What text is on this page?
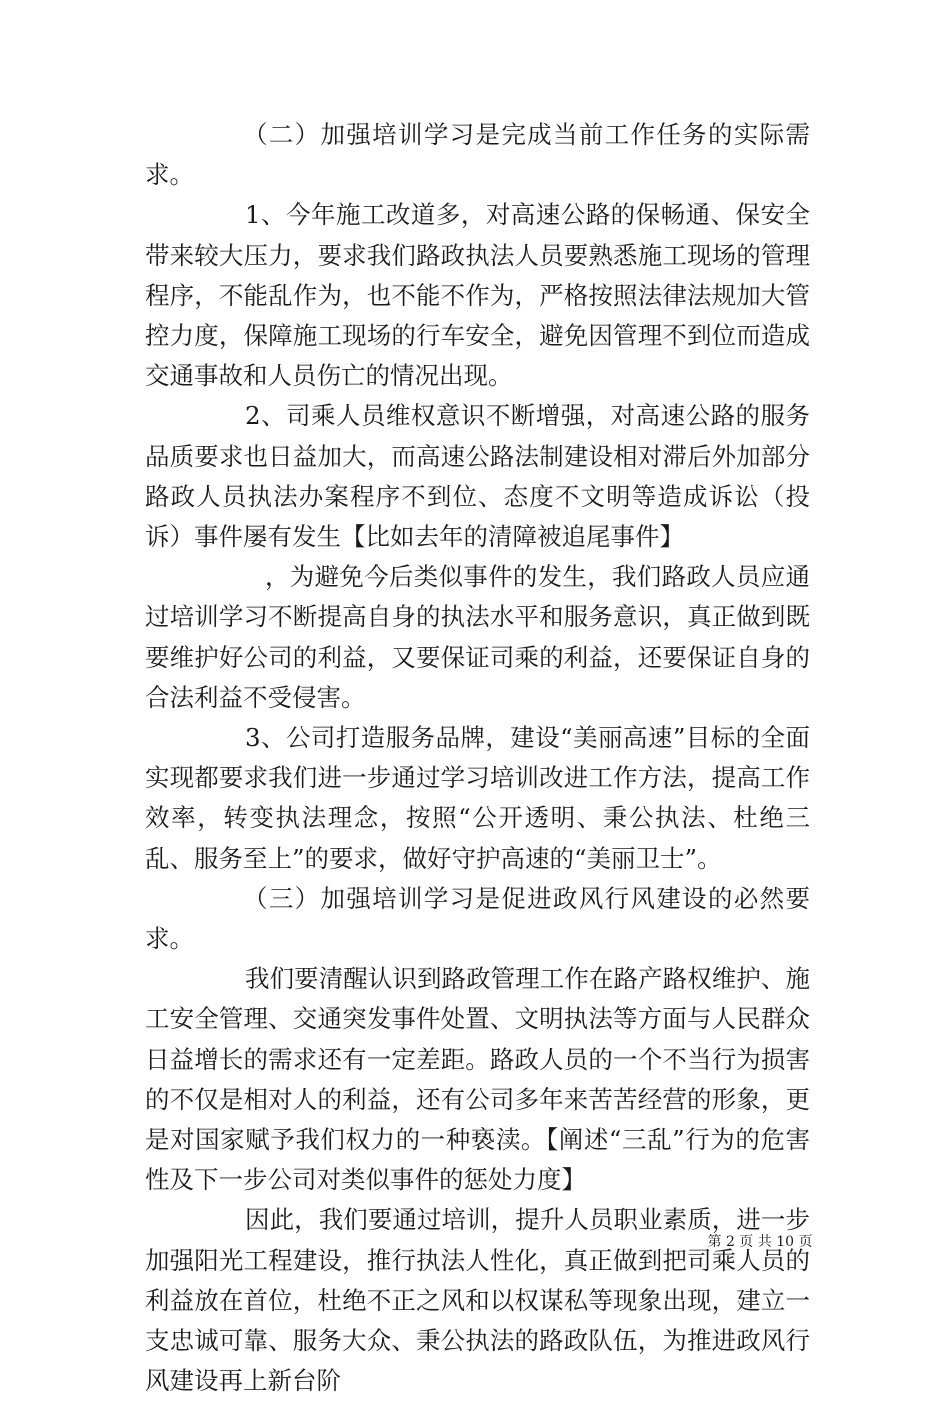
（二）加强培训学习是完成当前工作任务的实际需求。

1、今年施工改道多，对高速公路的保畅通、保安全带来较大压力，要求我们路政执法人员要熟悉施工现场的管理程序，不能乱作为，也不能不作为，严格按照法律法规加大管控力度，保障施工现场的行车安全，避免因管理不到位而造成交通事故和人员伤亡的情况出现。

2、司乘人员维权意识不断增强，对高速公路的服务品质要求也日益加大，而高速公路法制建设相对滞后外加部分路政人员执法办案程序不到位、态度不文明等造成诉讼（投诉）事件屡有发生【比如去年的清障被追尾事件】

，为避免今后类似事件的发生，我们路政人员应通过培训学习不断提高自身的执法水平和服务意识，真正做到既要维护好公司的利益，又要保证司乘的利益，还要保证自身的合法利益不受侵害。

3、公司打造服务品牌，建设“美丽高速”目标的全面实现都要求我们进一步通过学习培训改进工作方法，提高工作效率，转变执法理念，按照“公开透明、秉公执法、杜绝三乱、服务至上”的要求，做好守护高速的“美丽卫士”。

（三）加强培训学习是促进政风行风建设的必然要求。

我们要清醒认识到路政管理工作在路产路权维护、施工安全管理、交通突发事件处置、文明执法等方面与人民群众日益增长的需求还有一定差距。路政人员的一个不当行为损害的不仅是相对人的利益，还有公司多年来苦苦经营的形象，更是对国家赋予我们权力的一种亵渎。【阐述“三乱”行为的危害性及下一步公司对类似事件的惩处力度】

因此，我们要通过培训，提升人员职业素质，进一步加强阳光工程建设，推行执法人性化，真正做到把司乘人员的利益放在首位，杜绝不正之风和以权谋私等现象出现，建立一支忠诚可靠、服务大众、秉公执法的路政队伍，为推进政风行风建设再上新台阶

第 2 页 共 10 页
